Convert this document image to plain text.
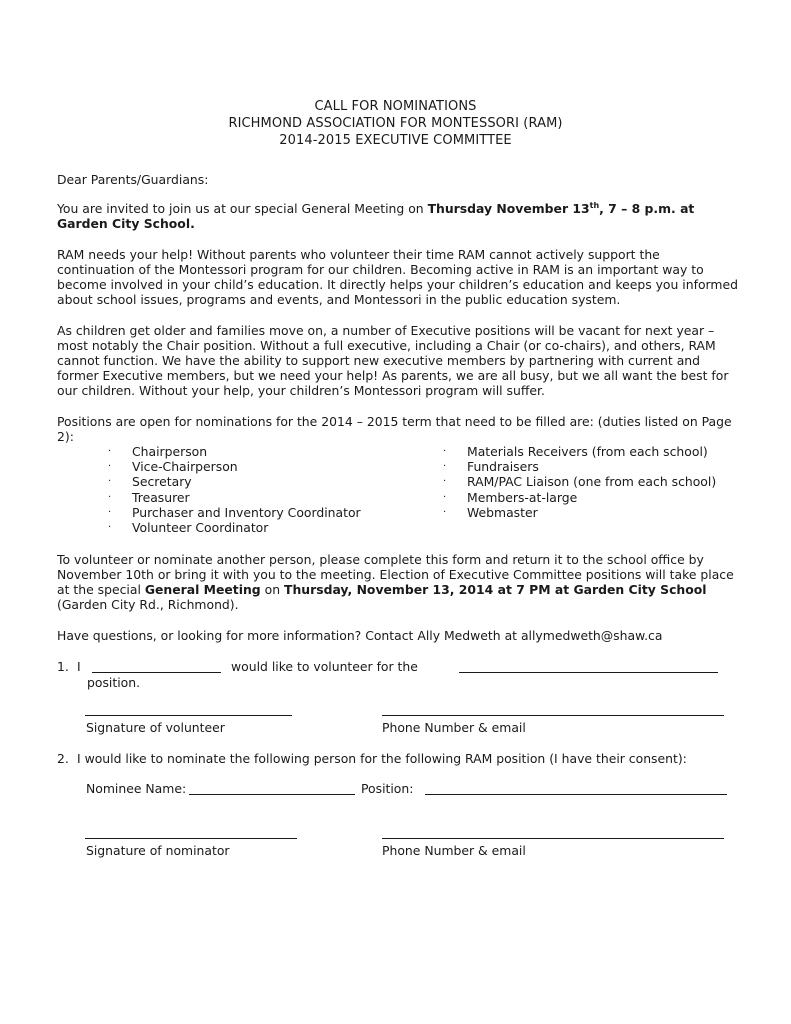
CALL FOR NOMINATIONS
RICHMOND ASSOCIATION FOR MONTESSORI (RAM)
2014-2015 EXECUTIVE COMMITTEE

Dear Parents/Guardians:

You are invited to join us at our special General Meeting on Thursday November 13th, 7 – 8 p.m. at Garden City School.

RAM needs your help! Without parents who volunteer their time RAM cannot actively support the continuation of the Montessori program for our children. Becoming active in RAM is an important way to become involved in your child’s education. It directly helps your children’s education and keeps you informed about school issues, programs and events, and Montessori in the public education system.

As children get older and families move on, a number of Executive positions will be vacant for next year – most notably the Chair position. Without a full executive, including a Chair (or co-chairs), and others, RAM cannot function. We have the ability to support new executive members by partnering with current and former Executive members, but we need your help! As parents, we are all busy, but we all want the best for our children. Without your help, your children’s Montessori program will suffer.

Positions are open for nominations for the 2014 – 2015 term that need to be filled are: (duties listed on Page 2):

· Chairperson
· Vice-Chairperson
· Secretary
· Treasurer
· Purchaser and Inventory Coordinator
· Volunteer Coordinator
· Materials Receivers (from each school)
· Fundraisers
· RAM/PAC Liaison (one from each school)
· Members-at-large
· Webmaster

To volunteer or nominate another person, please complete this form and return it to the school office by November 10th or bring it with you to the meeting. Election of Executive Committee positions will take place at the special General Meeting on Thursday, November 13, 2014 at 7 PM at Garden City School (Garden City Rd., Richmond).

Have questions, or looking for more information? Contact Ally Medweth at allymedweth@shaw.ca

1. I	would like to volunteer for the
position.
Signature of volunteer	Phone Number & email
2. I would like to nominate the following person for the following RAM position (I have their consent):
Nominee Name:	Position:
Signature of nominator	Phone Number & email
